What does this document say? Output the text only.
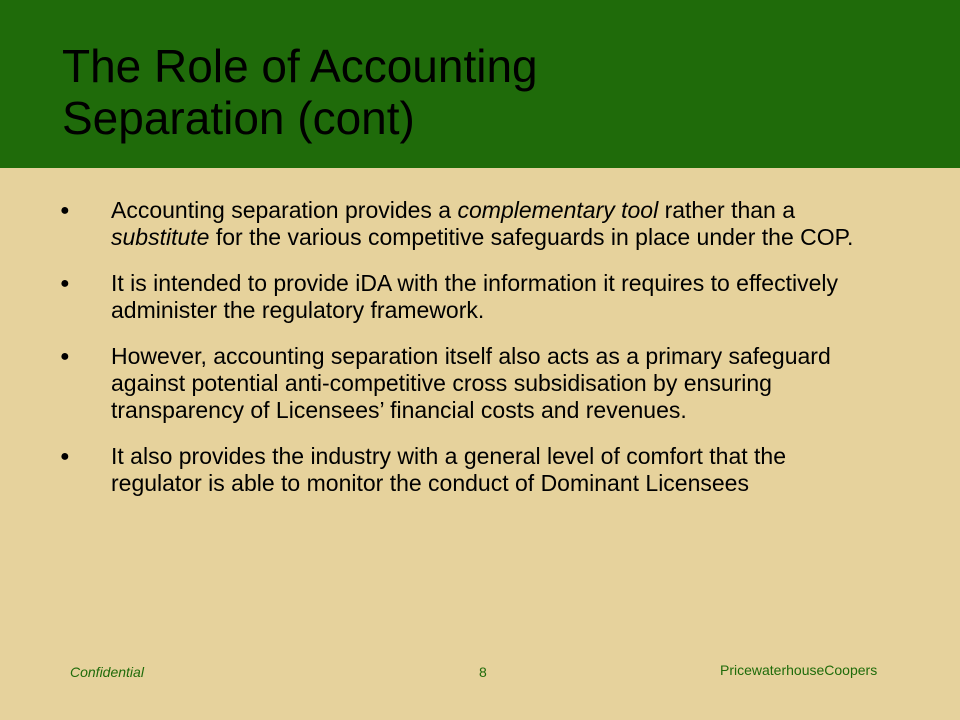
The Role of Accounting
Separation (cont)
● Accounting separation provides a complementary tool rather than a substitute for the various competitive safeguards in place under the COP.
● It is intended to provide iDA with the information it requires to effectively administer the regulatory framework.
● However, accounting separation itself also acts as a primary safeguard against potential anti-competitive cross subsidisation by ensuring transparency of Licensees’ financial costs and revenues.
● It also provides the industry with a general level of comfort that the regulator is able to monitor the conduct of Dominant Licensees
Confidential	8	PricewaterhouseCoopers
